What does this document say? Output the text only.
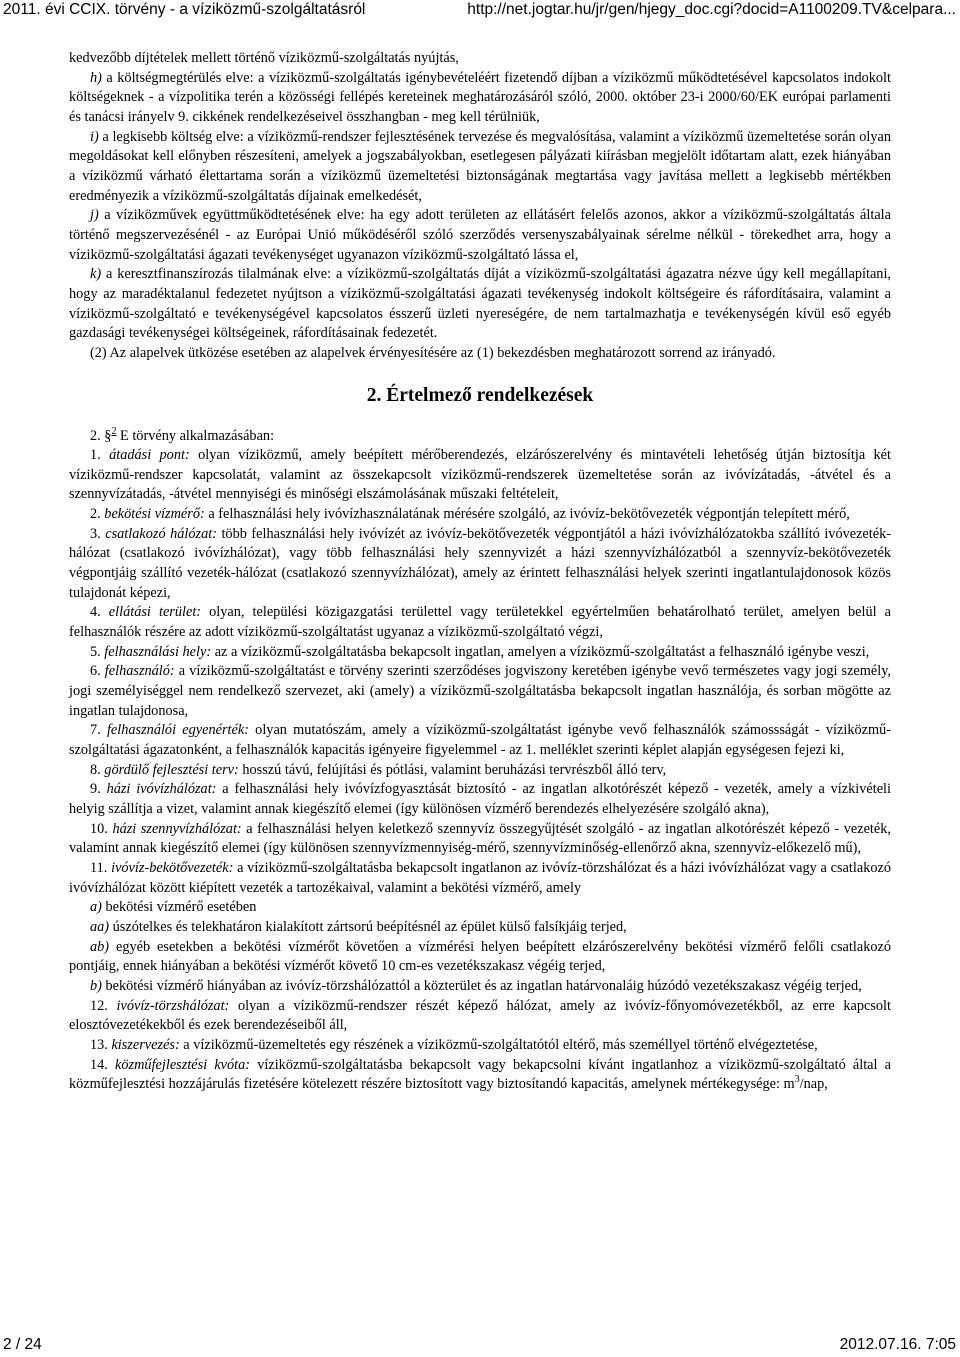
2011. évi CCIX. törvény - a víziközmű-szolgáltatásról	http://net.jogtar.hu/jr/gen/hjegy_doc.cgi?docid=A1100209.TV&celpara...

kedvezőbb díjtételek mellett történő víziközmű-szolgáltatás nyújtás,

h) a költségmegtérülés elve: a víziközmű-szolgáltatás igénybevételéért fizetendő díjban a víziközmű működtetésével kapcsolatos indokolt költségeknek - a vízpolitika terén a közösségi fellépés kereteinek meghatározásáról szóló, 2000. október 23-i 2000/60/EK európai parlamenti és tanácsi irányelv 9. cikkének rendelkezéseivel összhangban - meg kell térülniük,

i) a legkisebb költség elve: a víziközmű-rendszer fejlesztésének tervezése és megvalósítása, valamint a víziközmű üzemeltetése során olyan megoldásokat kell előnyben részesíteni, amelyek a jogszabályokban, esetlegesen pályázati kiírásban megjelölt időtartam alatt, ezek hiányában a víziközmű várható élettartama során a víziközmű üzemeltetési biztonságának megtartása vagy javítása mellett a legkisebb mértékben eredményezik a víziközmű-szolgáltatás díjainak emelkedését,

j) a víziközművek együttműködtetésének elve: ha egy adott területen az ellátásért felelős azonos, akkor a víziközmű-szolgáltatás általa történő megszervezésénél - az Európai Unió működéséről szóló szerződés versenyszabályainak sérelme nélkül - törekedhet arra, hogy a víziközmű-szolgáltatási ágazati tevékenységet ugyanazon víziközmű-szolgáltató lássa el,

k) a keresztfinanszírozás tilalmának elve: a víziközmű-szolgáltatás díját a víziközmű-szolgáltatási ágazatra nézve úgy kell megállapítani, hogy az maradéktalanul fedezetet nyújtson a víziközmű-szolgáltatási ágazati tevékenység indokolt költségeire és ráfordításaira, valamint a víziközmű-szolgáltató e tevékenységével kapcsolatos ésszerű üzleti nyereségére, de nem tartalmazhatja e tevékenységén kívül eső egyéb gazdasági tevékenységei költségeinek, ráfordításainak fedezetét.

(2) Az alapelvek ütközése esetében az alapelvek érvényesítésére az (1) bekezdésben meghatározott sorrend az irányadó.

2. Értelmező rendelkezések

2. §$^2$ E törvény alkalmazásában:

1. átadási pont: olyan víziközmű, amely beépített mérőberendezés, elzárószerelvény és mintavételi lehetőség útján biztosítja két víziközmű-rendszer kapcsolatát, valamint az összekapcsolt víziközmű-rendszerek üzemeltetése során az ivóvízátadás, -átvétel és a szennyvízátadás, -átvétel mennyiségi és minőségi elszámolásának műszaki feltételeit,

2. bekötési vízmérő: a felhasználási hely ivóvízhasználatának mérésére szolgáló, az ivóvíz-bekötővezeték végpontján telepített mérő,

3. csatlakozó hálózat: több felhasználási hely ivóvízét az ivóvíz-bekötővezeték végpontjától a házi ivóvízhálózatokba szállító ivóvezeték-hálózat (csatlakozó ivóvízhálózat), vagy több felhasználási hely szennyvizét a házi szennyvízhálózatból a szennyvíz-bekötővezeték végpontjáig szállító vezeték-hálózat (csatlakozó szennyvízhálózat), amely az érintett felhasználási helyek szerinti ingatlantulajdonosok közös tulajdonát képezi,

4. ellátási terület: olyan, települési közigazgatási területtel vagy területekkel egyértelműen behatárolható terület, amelyen belül a felhasználók részére az adott víziközmű-szolgáltatást ugyanaz a víziközmű-szolgáltató végzi,

5. felhasználási hely: az a víziközmű-szolgáltatásba bekapcsolt ingatlan, amelyen a víziközmű-szolgáltatást a felhasználó igénybe veszi,

6. felhasználó: a víziközmű-szolgáltatást e törvény szerinti szerződéses jogviszony keretében igénybe vevő természetes vagy jogi személy, jogi személyiséggel nem rendelkező szervezet, aki (amely) a víziközmű-szolgáltatásba bekapcsolt ingatlan használója, és sorban mögötte az ingatlan tulajdonosa,

7. felhasználói egyenérték: olyan mutatószám, amely a víziközmű-szolgáltatást igénybe vevő felhasználók számossságát - víziközmű-szolgáltatási ágazatonként, a felhasználók kapacitás igényeire figyelemmel - az 1. melléklet szerinti képlet alapján egységesen fejezi ki,

8. gördülő fejlesztési terv: hosszú távú, felújítási és pótlási, valamint beruházási tervrészből álló terv,

9. házi ivóvízhálózat: a felhasználási hely ivóvízfogyasztását biztosító - az ingatlan alkotórészét képező - vezeték, amely a vízkivételi helyig szállítja a vizet, valamint annak kiegészítő elemei (így különösen vízmérő berendezés elhelyezésére szolgáló akna),

10. házi szennyvízhálózat: a felhasználási helyen keletkező szennyvíz összegyűjtését szolgáló - az ingatlan alkotórészét képező - vezeték, valamint annak kiegészítő elemei (így különösen szennyvízmennyiség-mérő, szennyvízminőség-ellenőrző akna, szennyvíz-előkezelő mű),

11. ivóvíz-bekötővezeték: a víziközmű-szolgáltatásba bekapcsolt ingatlanon az ivóvíz-törzshálózat és a házi ivóvízhálózat vagy a csatlakozó ivóvízhálózat között kiépített vezeték a tartozékaival, valamint a bekötési vízmérő, amely

a) bekötési vízmérő esetében

aa) úszótelkes és telekhatáron kialakított zártsorú beépítésnél az épület külső falsíkjáig terjed,

ab) egyéb esetekben a bekötési vízmérőt követően a vízmérési helyen beépített elzárószerelvény bekötési vízmérő felőli csatlakozó pontjáig, ennek hiányában a bekötési vízmérőt követő 10 cm-es vezetékszakasz végéig terjed,

b) bekötési vízmérő hiányában az ivóvíz-törzshálózattól a közterület és az ingatlan határvonaláig húzódó vezetékszakasz végéig terjed,

12. ivóvíz-törzshálózat: olyan a víziközmű-rendszer részét képező hálózat, amely az ivóvíz-főnyomóvezetékből, az erre kapcsolt elosztóvezetékekből és ezek berendezéseiből áll,

13. kiszervezés: a víziközmű-üzemeltetés egy részének a víziközmű-szolgáltatótól eltérő, más személlyel történő elvégeztetése,

14. közműfejlesztési kvóta: víziközmű-szolgáltatásba bekapcsolt vagy bekapcsolni kívánt ingatlanhoz a víziközmű-szolgáltató által a közműfejlesztési hozzájárulás fizetésére kötelezett részére biztosított vagy biztosítandó kapacitás, amelynek mértékegysége: $m^3$/nap,

2 / 24	2012.07.16. 7:05
